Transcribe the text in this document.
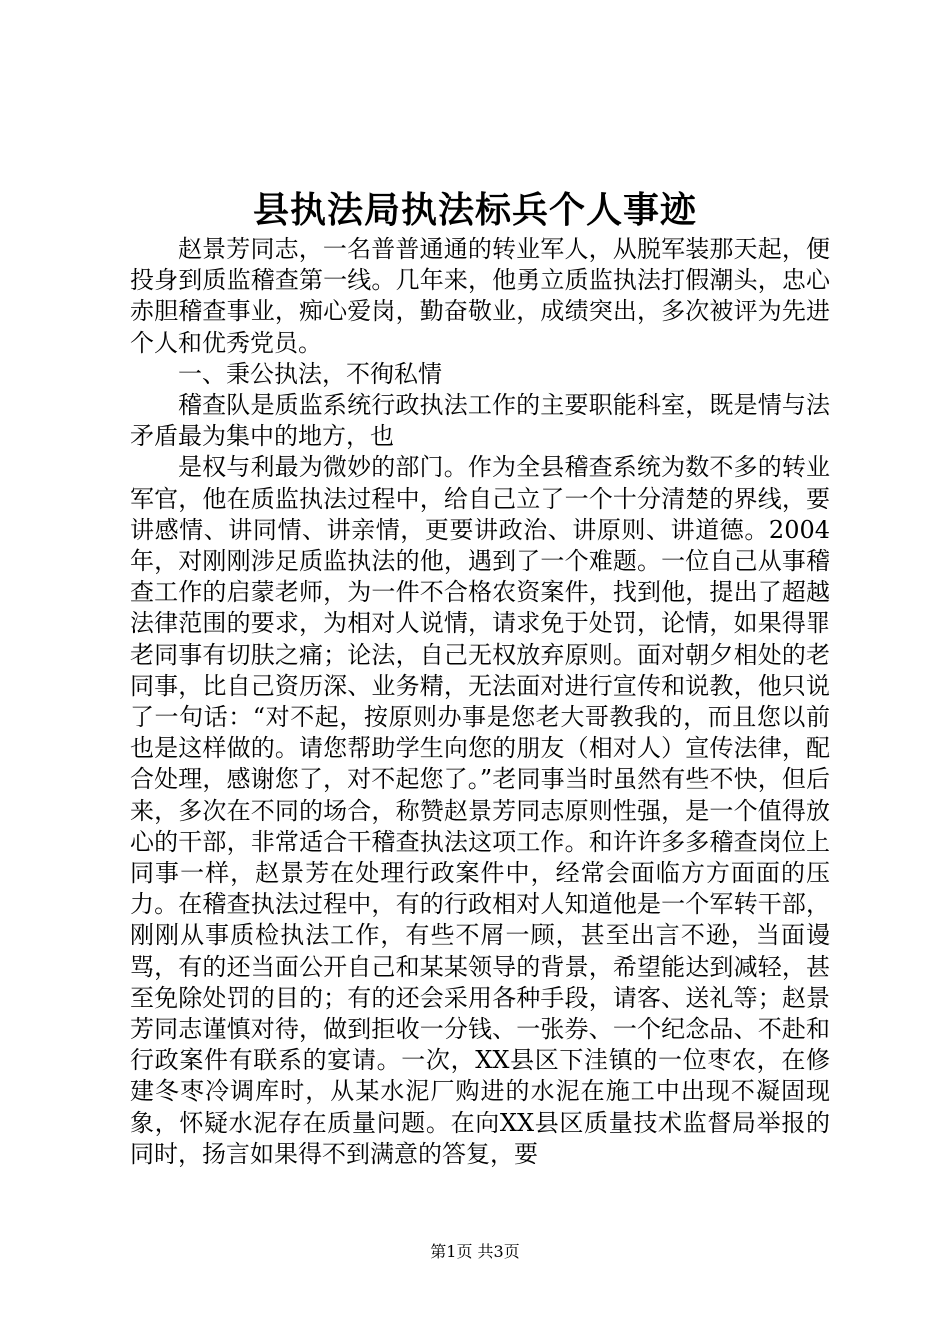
县执法局执法标兵个人事迹

赵景芳同志，一名普普通通的转业军人，从脱军装那天起，便投身到质监稽查第一线。几年来，他勇立质监执法打假潮头，忠心赤胆稽查事业，痴心爱岗，勤奋敬业，成绩突出，多次被评为先进个人和优秀党员。

一、秉公执法，不徇私情

稽查队是质监系统行政执法工作的主要职能科室，既是情与法矛盾最为集中的地方，也

是权与利最为微妙的部门。作为全县稽查系统为数不多的转业军官，他在质监执法过程中，给自己立了一个十分清楚的界线，要讲感情、讲同情、讲亲情，更要讲政治、讲原则、讲道德。2004年，对刚刚涉足质监执法的他，遇到了一个难题。一位自己从事稽查工作的启蒙老师，为一件不合格农资案件，找到他，提出了超越法律范围的要求，为相对人说情，请求免于处罚，论情，如果得罪老同事有切肤之痛；论法，自己无权放弃原则。面对朝夕相处的老同事，比自己资历深、业务精，无法面对进行宣传和说教，他只说了一句话：“对不起，按原则办事是您老大哥教我的，而且您以前也是这样做的。请您帮助学生向您的朋友（相对人）宣传法律，配合处理，感谢您了，对不起您了。”老同事当时虽然有些不快，但后来，多次在不同的场合，称赞赵景芳同志原则性强，是一个值得放心的干部，非常适合干稽查执法这项工作。和许许多多稽查岗位上同事一样，赵景芳在处理行政案件中，经常会面临方方面面的压力。在稽查执法过程中，有的行政相对人知道他是一个军转干部，刚刚从事质检执法工作，有些不屑一顾，甚至出言不逊，当面谩骂，有的还当面公开自己和某某领导的背景，希望能达到减轻，甚至免除处罚的目的；有的还会采用各种手段，请客、送礼等；赵景芳同志谨慎对待，做到拒收一分钱、一张券、一个纪念品、不赴和行政案件有联系的宴请。一次，XX县区下洼镇的一位枣农，在修建冬枣冷调库时，从某水泥厂购进的水泥在施工中出现不凝固现象，怀疑水泥存在质量问题。在向XX县区质量技术监督局举报的同时，扬言如果得不到满意的答复，要

第1页 共3页
